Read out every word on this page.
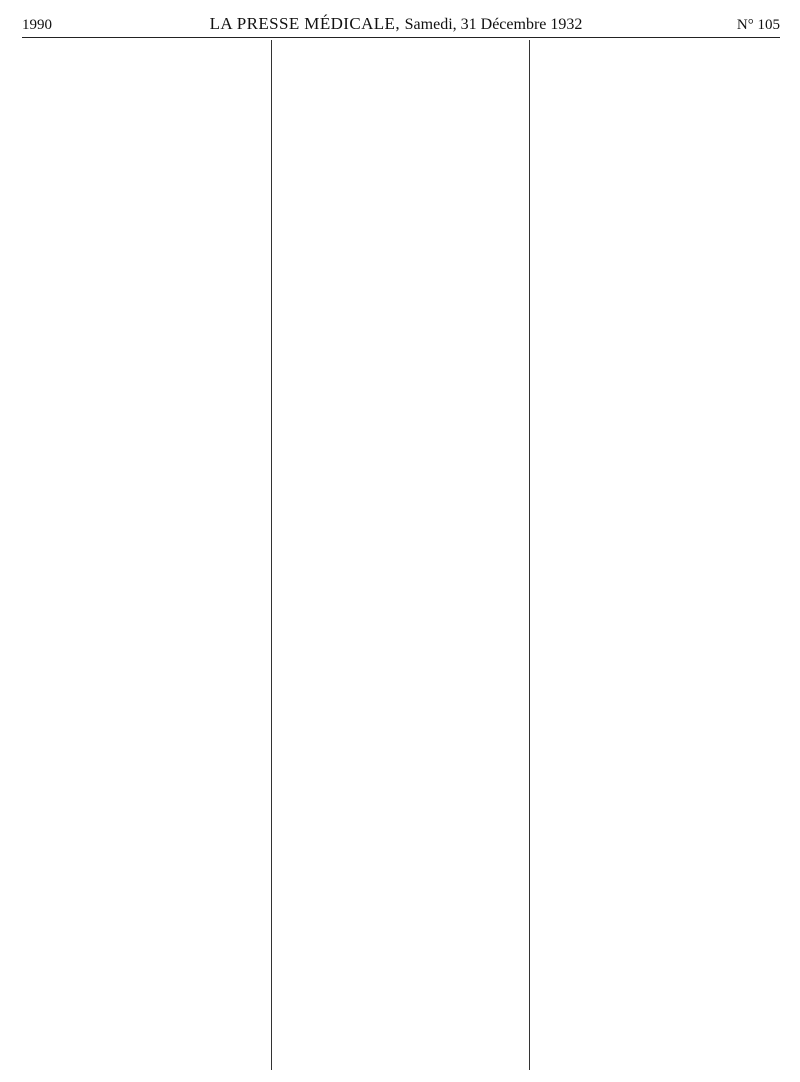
1990	LA PRESSE MÉDICALE, Samedi, 31 Décembre 1932	N° 105
